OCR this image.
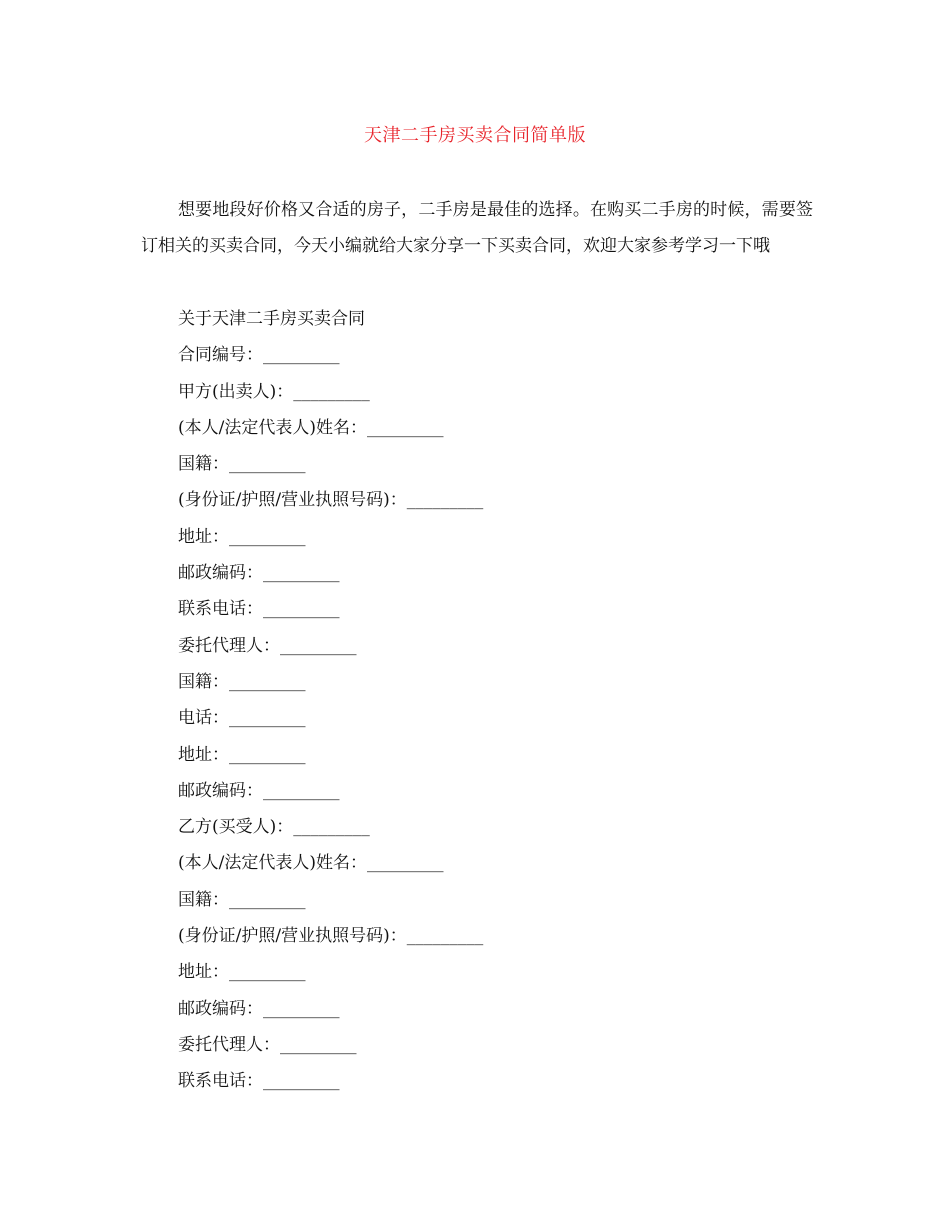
天津二手房买卖合同简单版

想要地段好价格又合适的房子，二手房是最佳的选择。在购买二手房的时候，需要签订相关的买卖合同，今天小编就给大家分享一下买卖合同，欢迎大家参考学习一下哦

关于天津二手房买卖合同
合同编号：_________
甲方(出卖人)：_________
(本人/法定代表人)姓名：_________
国籍：_________
(身份证/护照/营业执照号码)：_________
地址：_________
邮政编码：_________
联系电话：_________
委托代理人：_________
国籍：_________
电话：_________
地址：_________
邮政编码：_________
乙方(买受人)：_________
(本人/法定代表人)姓名：_________
国籍：_________
(身份证/护照/营业执照号码)：_________
地址：_________
邮政编码：_________
委托代理人：_________
联系电话：_________
